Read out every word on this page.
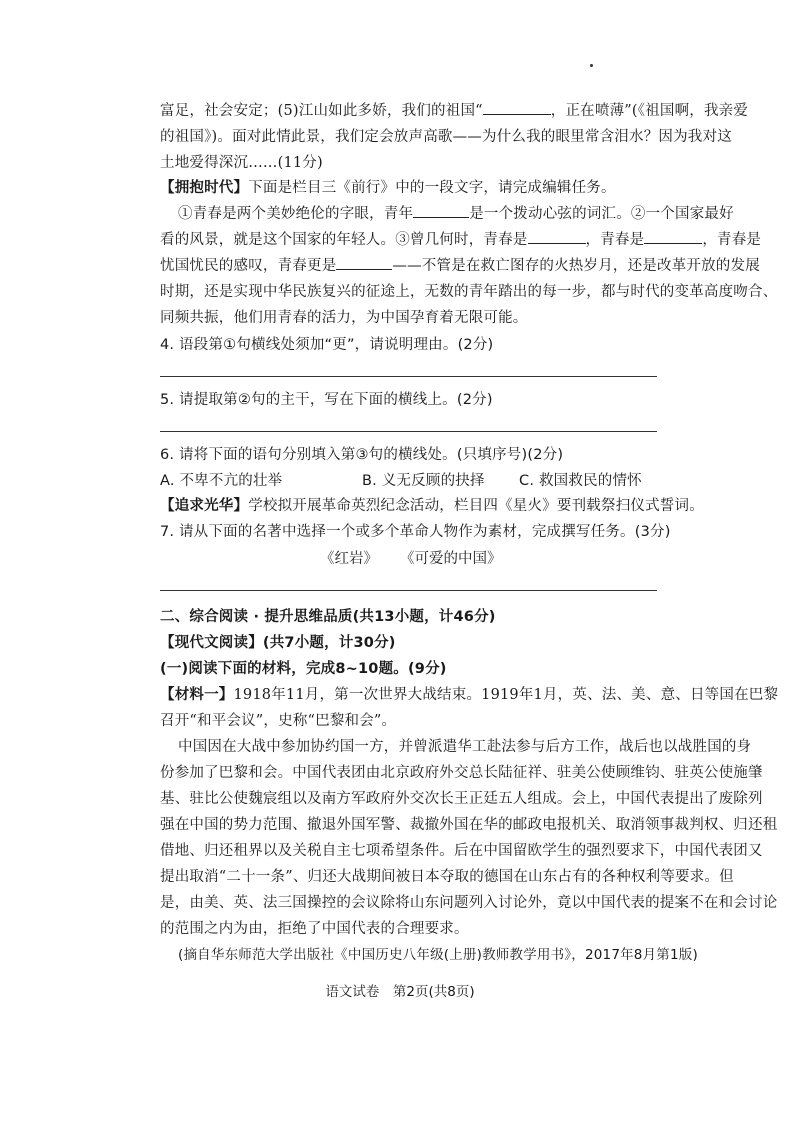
富足，社会安定；(5)江山如此多娇，我们的祖国“	，正在喷薄”(《祖国啊，我亲爱
的祖国》)。面对此情此景，我们定会放声高歌——为什么我的眼里常含泪水？因为我对这
土地爱得深沉……(11分)
【拥抱时代】下面是栏目三《前行》中的一段文字，请完成编辑任务。
①青春是两个美妙绝伦的字眼，青年	是一个拨动心弦的词汇。②一个国家最好
看的风景，就是这个国家的年轻人。③曾几何时，青春是	，青春是	，青春是
忧国忧民的感叹，青春更是	——不管是在救亡图存的火热岁月，还是改革开放的发展
时期，还是实现中华民族复兴的征途上，无数的青年踏出的每一步，都与时代的变革高度吻合、
同频共振，他们用青春的活力，为中国孕育着无限可能。
4. 语段第①句横线处须加“更”，请说明理由。(2分)
5. 请提取第②句的主干，写在下面的横线上。(2分)
6. 请将下面的语句分别填入第③句的横线处。(只填序号)(2分)
A. 不卑不亢的壮举	B. 义无反顾的抉择 C. 救国救民的情怀
【追求光华】学校拟开展革命英烈纪念活动，栏目四《星火》要刊载祭扫仪式誓词。
7. 请从下面的名著中选择一个或多个革命人物作为素材，完成撰写任务。(3分)
《红岩》 《可爱的中国》
二、综合阅读 · 提升思维品质(共13小题，计46分)
【现代文阅读】(共7小题，计30分)
(一)阅读下面的材料，完成8~10题。(9分)
【材料一】1918年11月，第一次世界大战结束。1919年1月，英、法、美、意、日等国在巴黎
召开“和平会议”，史称“巴黎和会”。
中国因在大战中参加协约国一方，并曾派遣华工赴法参与后方工作，战后也以战胜国的身
份参加了巴黎和会。中国代表团由北京政府外交总长陆征祥、驻美公使顾维钧、驻英公使施肇
基、驻比公使魏宸组以及南方军政府外交次长王正廷五人组成。会上，中国代表提出了废除列
强在中国的势力范围、撤退外国军警、裁撤外国在华的邮政电报机关、取消领事裁判权、归还租
借地、归还租界以及关税自主七项希望条件。后在中国留欧学生的强烈要求下，中国代表团又
提出取消“二十一条”、归还大战期间被日本夺取的德国在山东占有的各种权利等要求。但
是，由美、英、法三国操控的会议除将山东问题列入讨论外，竟以中国代表的提案不在和会讨论
的范围之内为由，拒绝了中国代表的合理要求。
(摘自华东师范大学出版社《中国历史八年级(上册)教师教学用书》，2017年8月第1版)
语文试卷　第2页(共8页)
